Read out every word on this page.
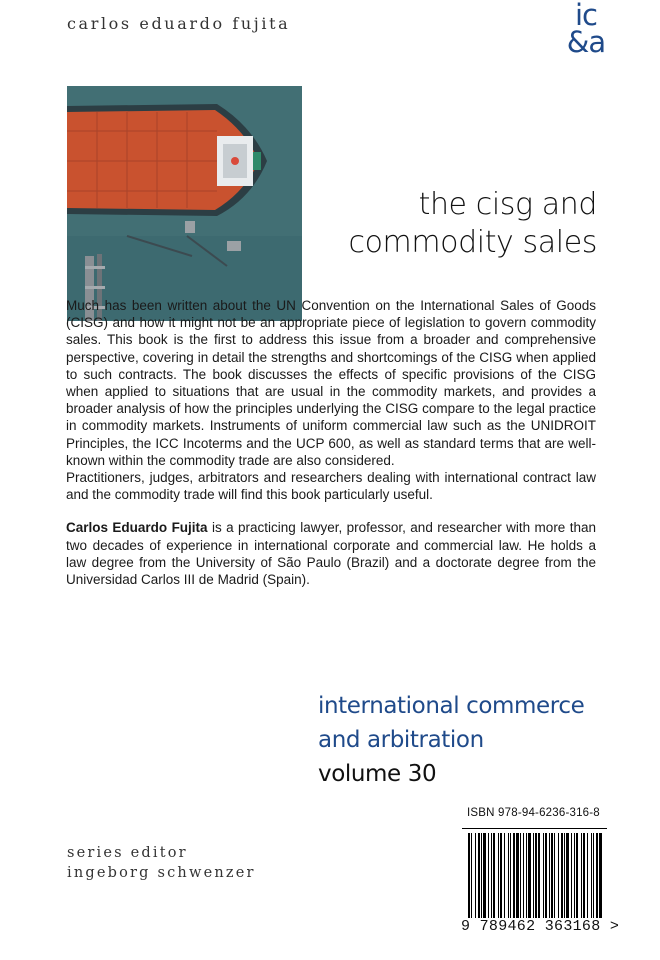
carlos eduardo fujita	ic
&a
the cisg and
commodity sales

Much has been written about the UN Convention on the International Sales of Goods (CISG) and how it might not be an appropriate piece of legislation to govern commodity sales. This book is the first to address this issue from a broader and comprehensive perspective, covering in detail the strengths and shortcomings of the CISG when applied to such contracts. The book discusses the effects of specific provisions of the CISG when applied to situations that are usual in the commodity markets, and provides a broader analysis of how the principles underlying the CISG compare to the legal practice in commodity markets. Instruments of uniform commercial law such as the UNIDROIT Principles, the ICC Incoterms and the UCP 600, as well as standard terms that are well-known within the commodity trade are also considered.

Practitioners, judges, arbitrators and researchers dealing with international contract law and the commodity trade will find this book particularly useful.

Carlos Eduardo Fujita is a practicing lawyer, professor, and researcher with more than two decades of experience in international corporate and commercial law. He holds a law degree from the University of São Paulo (Brazil) and a doctorate degree from the Universidad Carlos III de Madrid (Spain).

international commerce
and arbitration
volume 30
series editor
ingeborg schwenzer
ISBN 978-94-6236-316-8
9 789462 363168 >
